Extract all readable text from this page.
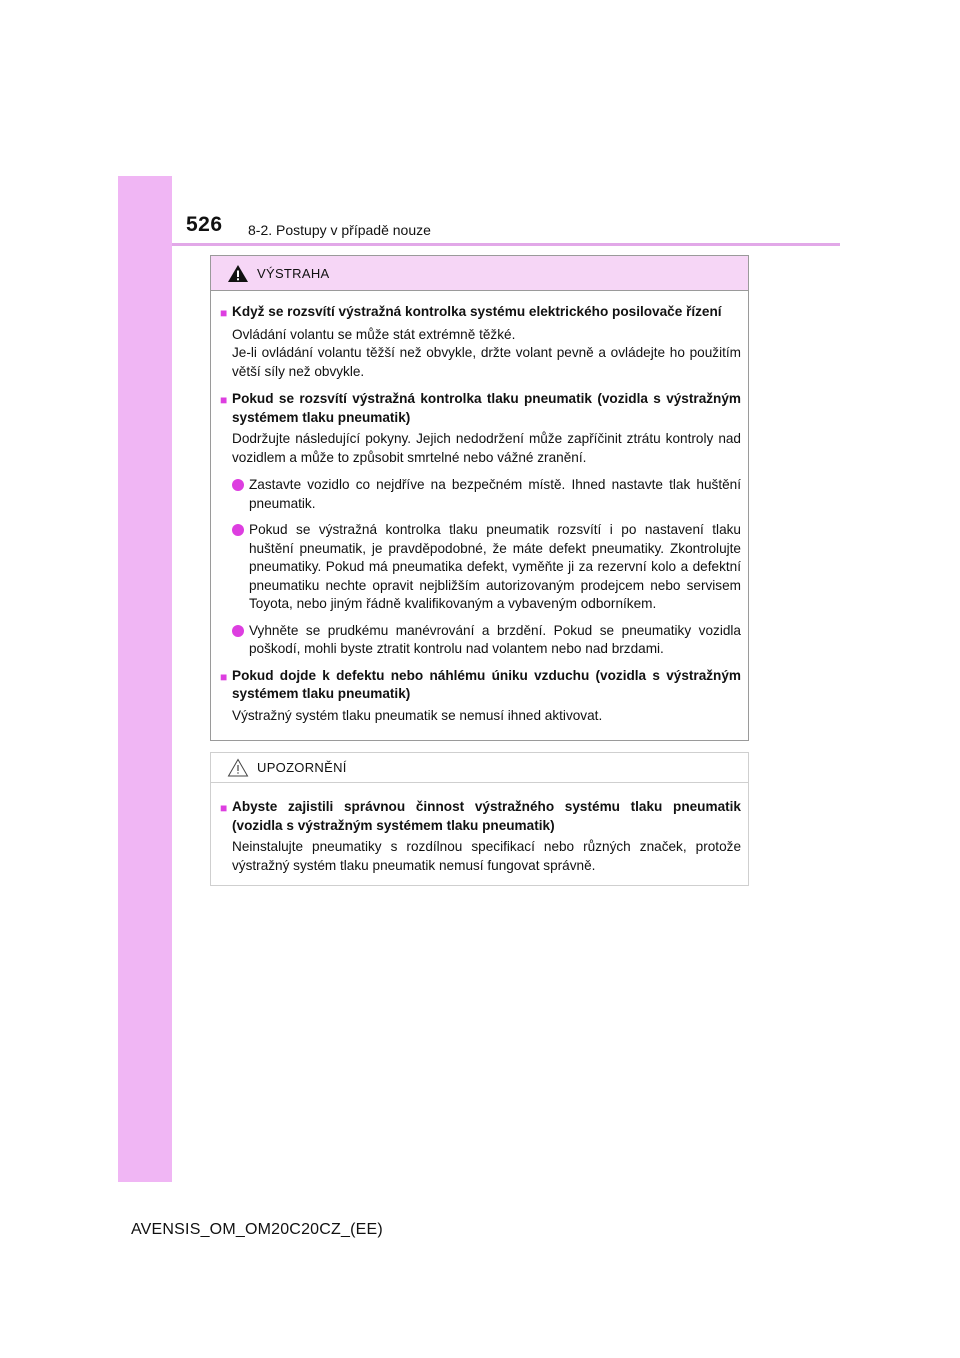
526 8-2. Postupy v případě nouze
VÝSTRAHA
■ Když se rozsvítí výstražná kontrolka systému elektrického posilovače řízení
Ovládání volantu se může stát extrémně těžké.
Je-li ovládání volantu těžší než obvykle, držte volant pevně a ovládejte ho použitím větší síly než obvykle.
■ Pokud se rozsvítí výstražná kontrolka tlaku pneumatik (vozidla s výstražným systémem tlaku pneumatik)
Dodržujte následující pokyny. Jejich nedodržení může zapříčinit ztrátu kontroly nad vozidlem a může to způsobit smrtelné nebo vážné zranění.
Zastavte vozidlo co nejdříve na bezpečném místě. Ihned nastavte tlak huštění pneumatik.
Pokud se výstražná kontrolka tlaku pneumatik rozsvítí i po nastavení tlaku huštění pneumatik, je pravděpodobné, že máte defekt pneumatiky. Zkontrolujte pneumatiky. Pokud má pneumatika defekt, vyměňte ji za rezervní kolo a defektní pneumatiku nechte opravit nejbližším autorizovaným prodejcem nebo servisem Toyota, nebo jiným řádně kvalifikovaným a vybaveným odborníkem.
Vyhněte se prudkému manévrování a brzdění. Pokud se pneumatiky vozidla poškodí, mohli byste ztratit kontrolu nad volantem nebo nad brzdami.
■ Pokud dojde k defektu nebo náhlému úniku vzduchu (vozidla s výstražným systémem tlaku pneumatik)
Výstražný systém tlaku pneumatik se nemusí ihned aktivovat.
UPOZORNĚNÍ
■ Abyste zajistili správnou činnost výstražného systému tlaku pneumatik (vozidla s výstražným systémem tlaku pneumatik)
Neinstalujte pneumatiky s rozdílnou specifikací nebo různých značek, protože výstražný systém tlaku pneumatik nemusí fungovat správně.
AVENSIS_OM_OM20C20CZ_(EE)
